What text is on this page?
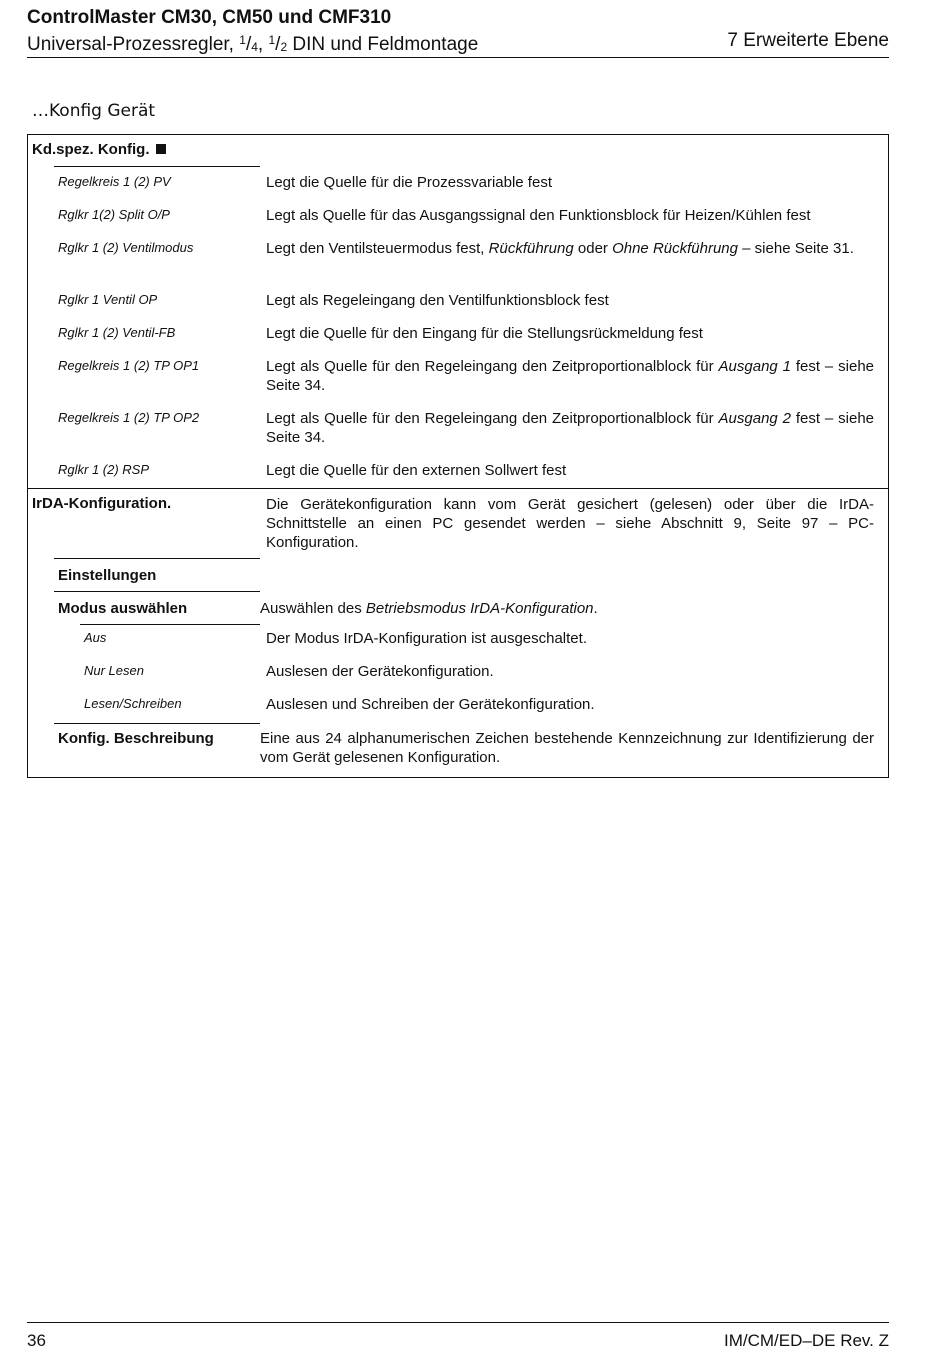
ControlMaster CM30, CM50 und CMF310
Universal-Prozessregler, $^1$/4, $^1$/2 DIN und Feldmontage	7 Erweiterte Ebene
…Konfig Gerät
Kd.spez. Konfig.
Regelkreis 1 (2) PV	Legt die Quelle für die Prozessvariable fest
Rglkr 1(2) Split O/P	Legt als Quelle für das Ausgangssignal den Funktionsblock für Heizen/Kühlen fest
Rglkr 1 (2) Ventilmodus	Legt den Ventilsteuermodus fest, Rückführung oder Ohne Rückführung – siehe Seite 31.
Rglkr 1 Ventil OP	Legt als Regeleingang den Ventilfunktionsblock fest
Rglkr 1 (2) Ventil-FB	Legt die Quelle für den Eingang für die Stellungsrückmeldung fest
Regelkreis 1 (2) TP OP1	Legt als Quelle für den Regeleingang den Zeitproportionalblock für Ausgang 1 fest – siehe Seite 34.
Regelkreis 1 (2) TP OP2	Legt als Quelle für den Regeleingang den Zeitproportionalblock für Ausgang 2 fest – siehe Seite 34.
Rglkr 1 (2) RSP	Legt die Quelle für den externen Sollwert fest
IrDA-Konfiguration.	Die Gerätekonfiguration kann vom Gerät gesichert (gelesen) oder über die IrDA-Schnittstelle an einen PC gesendet werden – siehe Abschnitt 9, Seite 97 – PC-Konfiguration.
Einstellungen
Modus auswählen	Auswählen des Betriebsmodus IrDA-Konfiguration.
Aus	Der Modus IrDA-Konfiguration ist ausgeschaltet.
Nur Lesen	Auslesen der Gerätekonfiguration.
Lesen/Schreiben	Auslesen und Schreiben der Gerätekonfiguration.
Konfig. Beschreibung	Eine aus 24 alphanumerischen Zeichen bestehende Kennzeichnung zur Identifizierung der vom Gerät gelesenen Konfiguration.
36	IM/CM/ED–DE Rev. Z
